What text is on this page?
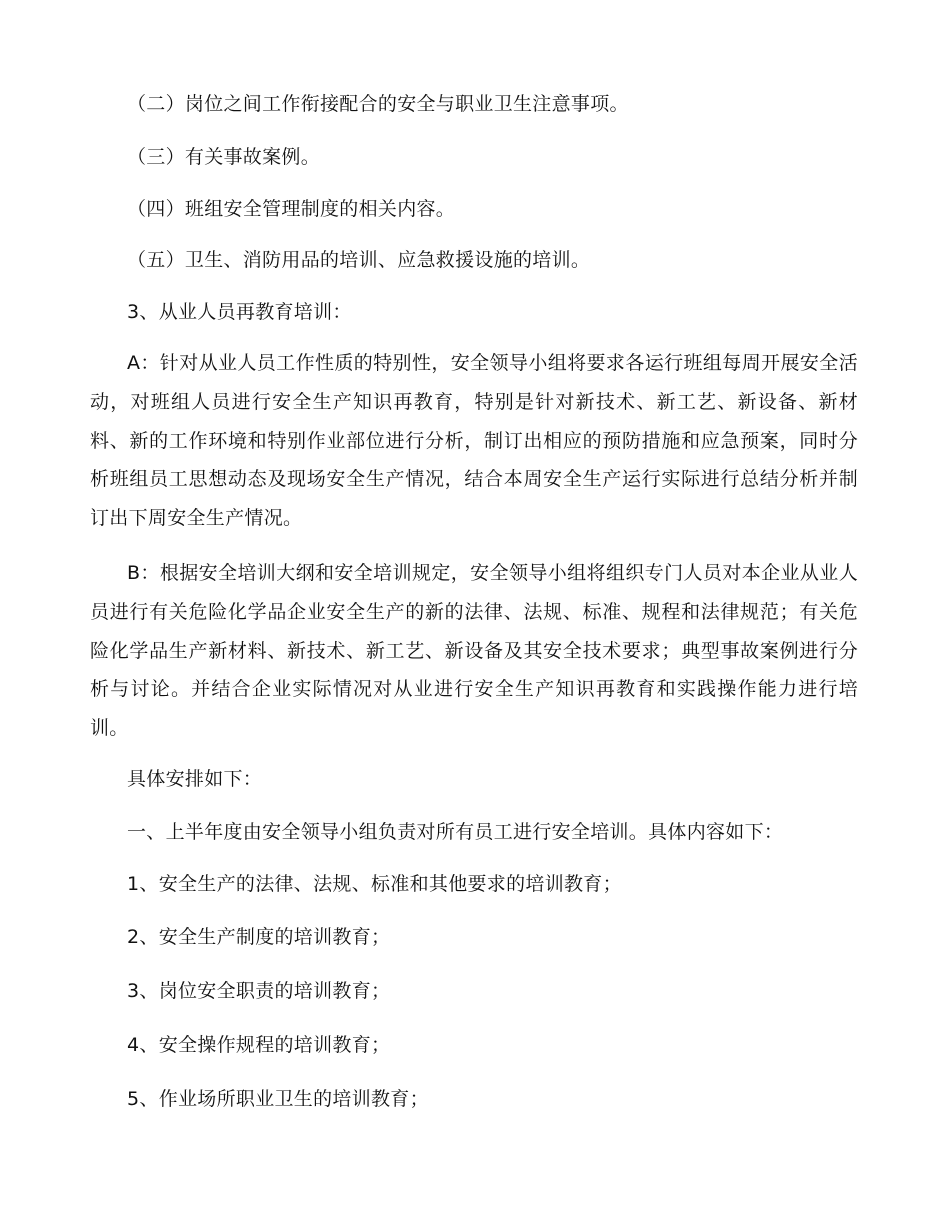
（二）岗位之间工作衔接配合的安全与职业卫生注意事项。
（三）有关事故案例。
（四）班组安全管理制度的相关内容。
（五）卫生、消防用品的培训、应急救援设施的培训。
3、从业人员再教育培训：
A：针对从业人员工作性质的特别性，安全领导小组将要求各运行班组每周开展安全活动，对班组人员进行安全生产知识再教育，特别是针对新技术、新工艺、新设备、新材料、新的工作环境和特别作业部位进行分析，制订出相应的预防措施和应急预案，同时分析班组员工思想动态及现场安全生产情况，结合本周安全生产运行实际进行总结分析并制订出下周安全生产情况。
B：根据安全培训大纲和安全培训规定，安全领导小组将组织专门人员对本企业从业人员进行有关危险化学品企业安全生产的新的法律、法规、标准、规程和法律规范；有关危险化学品生产新材料、新技术、新工艺、新设备及其安全技术要求；典型事故案例进行分析与讨论。并结合企业实际情况对从业进行安全生产知识再教育和实践操作能力进行培训。
具体安排如下：
一、上半年度由安全领导小组负责对所有员工进行安全培训。具体内容如下：
1、安全生产的法律、法规、标准和其他要求的培训教育；
2、安全生产制度的培训教育；
3、岗位安全职责的培训教育；
4、安全操作规程的培训教育；
5、作业场所职业卫生的培训教育；
